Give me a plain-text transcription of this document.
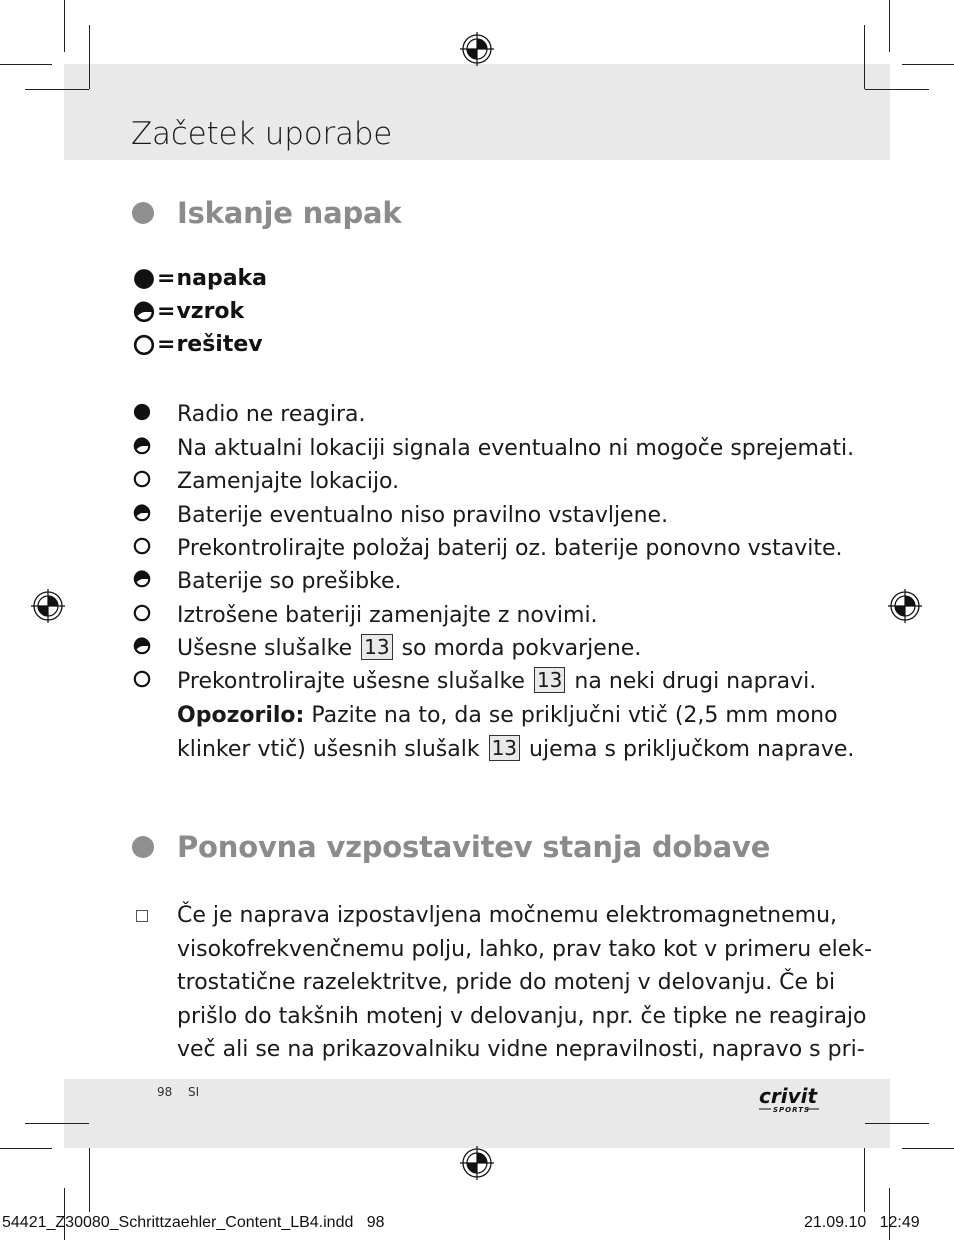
Začetek uporabe
Iskanje napak
= napaka
= vzrok
= rešitev
Radio ne reagira.
Na aktualni lokaciji signala eventualno ni mogoče sprejemati.
Zamenjajte lokacijo.
Baterije eventualno niso pravilno vstavljene.
Prekontrolirajte položaj baterij oz. baterije ponovno vstavite.
Baterije so prešibke.
Iztrošene bateriji zamenjajte z novimi.
Ušesne slušalke 13 so morda pokvarjene.
Prekontrolirajte ušesne slušalke 13 na neki drugi napravi.
Opozorilo: Pazite na to, da se priključni vtič (2,5 mm mono
klinker vtič) ušesnih slušalk 13 ujema s priključkom naprave.
Ponovna vzpostavitev stanja dobave
Če je naprava izpostavljena močnemu elektromagnetnemu,
visokofrekvenčnemu polju, lahko, prav tako kot v primeru elek-
trostatične razelektritve, pride do motenj v delovanju. Če bi
prišlo do takšnih motenj v delovanju, npr. če tipke ne reagirajo
več ali se na prikazovalniku vidne nepravilnosti, napravo s pri-
98 SI	crivit
SPORTS
54421_Z30080_Schrittzaehler_Content_LB4.indd   98	21.09.10   12:49
